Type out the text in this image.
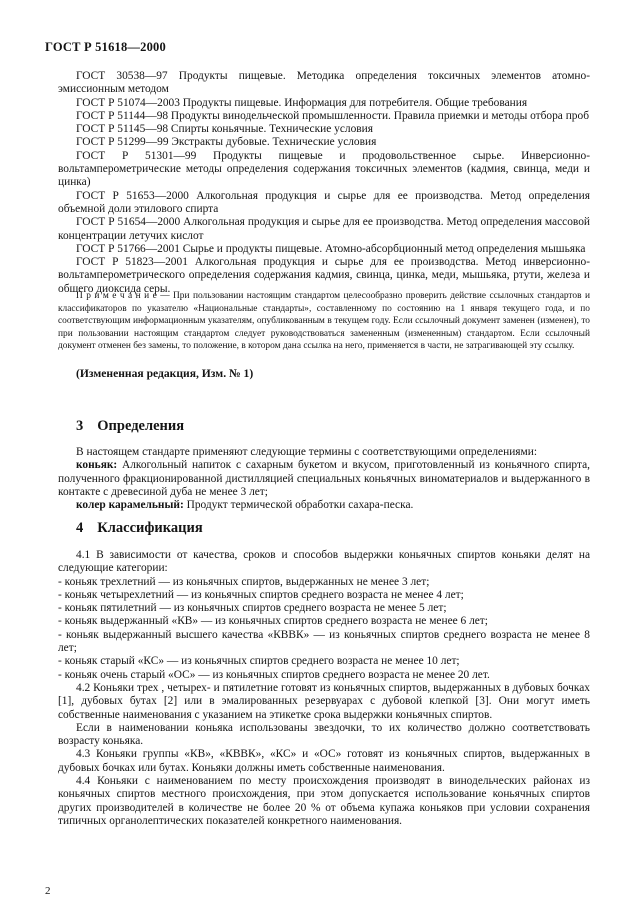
ГОСТ Р 51618—2000

ГОСТ 30538—97 Продукты пищевые. Методика определения токсичных элементов атомно-эмиссионным методом

ГОСТ Р 51074—2003 Продукты пищевые. Информация для потребителя. Общие требования

ГОСТ Р 51144—98 Продукты винодельческой промышленности. Правила приемки и методы отбора проб

ГОСТ Р 51145—98 Спирты коньячные. Технические условия

ГОСТ Р 51299—99 Экстракты дубовые. Технические условия

ГОСТ Р 51301—99 Продукты пищевые и продовольственное сырье. Инверсионно-вольтамперометрические методы определения содержания токсичных элементов (кадмия, свинца, меди и цинка)

ГОСТ Р 51653—2000 Алкогольная продукция и сырье для ее производства. Метод определения объемной доли этилового спирта

ГОСТ Р 51654—2000 Алкогольная продукция и сырье для ее производства. Метод определения массовой концентрации летучих кислот

ГОСТ Р 51766—2001 Сырье и продукты пищевые. Атомно-абсорбционный метод определения мышьяка

ГОСТ Р 51823—2001 Алкогольная продукция и сырье для ее производства. Метод инверсионно-вольтамперометрического определения содержания кадмия, свинца, цинка, меди, мышьяка, ртути, железа и общего диоксида серы.

П р и м е ч а н и е — При пользовании настоящим стандартом целесообразно проверить действие ссылочных стандартов и классификаторов по указателю «Национальные стандарты», составленному по состоянию на 1 января текущего года, и по соответствующим информационным указателям, опубликованным в текущем году. Если ссылочный документ заменен (изменен), то при пользовании настоящим стандартом следует руководствоваться замененным (измененным) стандартом. Если ссылочный документ отменен без замены, то положение, в котором дана ссылка на него, применяется в части, не затрагивающей эту ссылку.

(Измененная редакция, Изм. № 1)
3 Определения

В настоящем стандарте применяют следующие термины с соответствующими определениями:

коньяк: Алкогольный напиток с сахарным букетом и вкусом, приготовленный из коньячного спирта, полученного фракционированной дистилляцией специальных коньячных виноматериалов и выдержанного в контакте с древесиной дуба не менее 3 лет;

колер карамельный: Продукт термической обработки сахара-песка.

4 Классификация

4.1 В зависимости от качества, сроков и способов выдержки коньячных спиртов коньяки делят на следующие категории:

- коньяк трехлетний — из коньячных спиртов, выдержанных не менее 3 лет;

- коньяк четырехлетний — из коньячных спиртов среднего возраста не менее 4 лет;

- коньяк пятилетний — из коньячных спиртов среднего возраста не менее 5 лет;

- коньяк выдержанный «КВ» — из коньячных спиртов среднего возраста не менее 6 лет;

- коньяк выдержанный высшего качества «КВВК» — из коньячных спиртов среднего возраста не менее 8 лет;

- коньяк старый «КС» — из коньячных спиртов среднего возраста не менее 10 лет;

- коньяк очень старый «ОС» — из коньячных спиртов среднего возраста не менее 20 лет.

4.2 Коньяки трех , четырех- и пятилетние готовят из коньячных спиртов, выдержанных в дубовых бочках [1], дубовых бутах [2] или в эмалированных резервуарах с дубовой клепкой [3]. Они могут иметь собственные наименования с указанием на этикетке срока выдержки коньячных спиртов.

Если в наименовании коньяка использованы звездочки, то их количество должно соответствовать возрасту коньяка.

4.3 Коньяки группы «КВ», «КВВК», «КС» и «ОС» готовят из коньячных спиртов, выдержанных в дубовых бочках или бутах. Коньяки должны иметь собственные наименования.

4.4 Коньяки с наименованием по месту происхождения производят в винодельческих районах из коньячных спиртов местного происхождения, при этом допускается использование коньячных спиртов других производителей в количестве не более 20 % от объема купажа коньяков при условии сохранения типичных органолептических показателей конкретного наименования.

2
